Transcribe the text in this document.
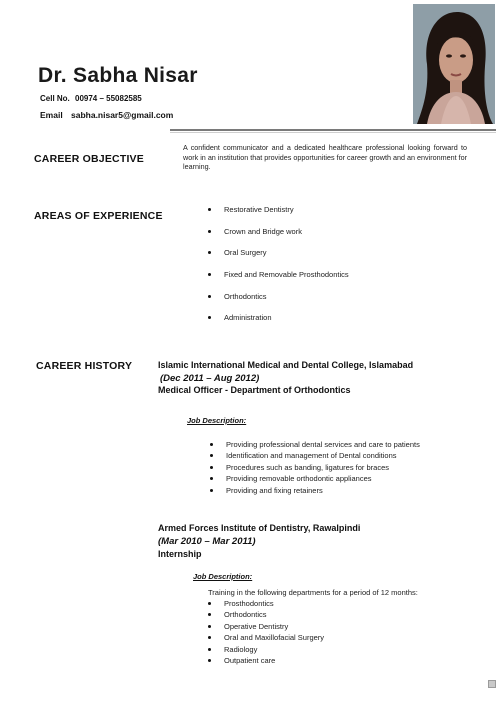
Dr. Sabha Nisar
Cell No. 00974 – 55082585
Email sabha.nisar5@gmail.com
CAREER OBJECTIVE
A confident communicator and a dedicated healthcare professional looking forward to work in an institution that provides opportunities for career growth and an environment for learning.
AREAS OF EXPERIENCE
Restorative Dentistry
Crown and Bridge work
Oral Surgery
Fixed and Removable Prosthodontics
Orthodontics
Administration
CAREER HISTORY	Islamic International Medical and Dental College, Islamabad
(Dec 2011 – Aug 2012)
Medical Officer - Department of Orthodontics
Job Description:
Providing professional dental services and care to patients
Identification and management of Dental conditions
Procedures such as banding, ligatures for braces
Providing removable orthodontic appliances
Providing and fixing retainers
Armed Forces Institute of Dentistry, Rawalpindi
(Mar 2010 – Mar 2011)
Internship
Job Description:
Training in the following departments for a period of 12 months:
Prosthodontics
Orthodontics
Operative Dentistry
Oral and Maxillofacial Surgery
Radiology
Outpatient care
